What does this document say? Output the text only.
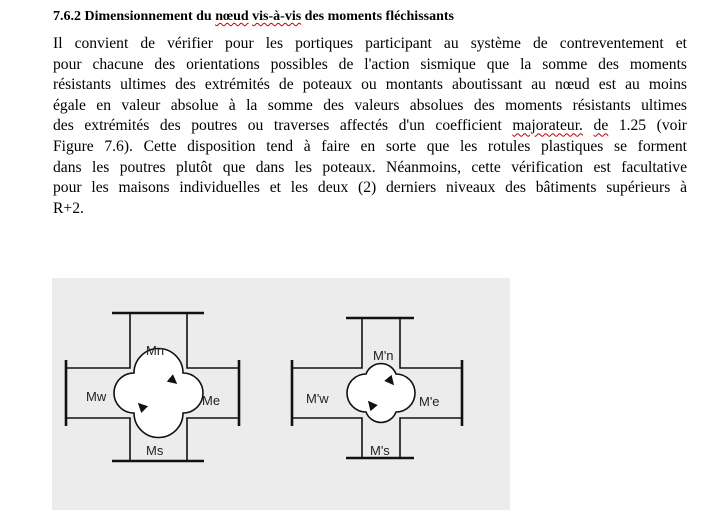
7.6.2 Dimensionnement du nœud vis-à-vis des moments fléchissants
Il convient de vérifier pour les portiques participant au système de contreventement et
pour chacune des orientations possibles de l'action sismique que la somme des moments
résistants ultimes des extrémités de poteaux ou montants aboutissant au nœud est au moins
égale en valeur absolue à la somme des valeurs absolues des moments résistants ultimes
des extrémités des poutres ou traverses affectés d'un coefficient majorateur. de 1.25 (voir
Figure 7.6). Cette disposition tend à faire en sorte que les rotules plastiques se forment
dans les poutres plutôt que dans les poteaux. Néanmoins, cette vérification est facultative
pour les maisons individuelles et les deux (2) derniers niveaux des bâtiments supérieurs à
R+2.
Mn
Ms
Mw	Me
M'n
M's
M'w	M'e
